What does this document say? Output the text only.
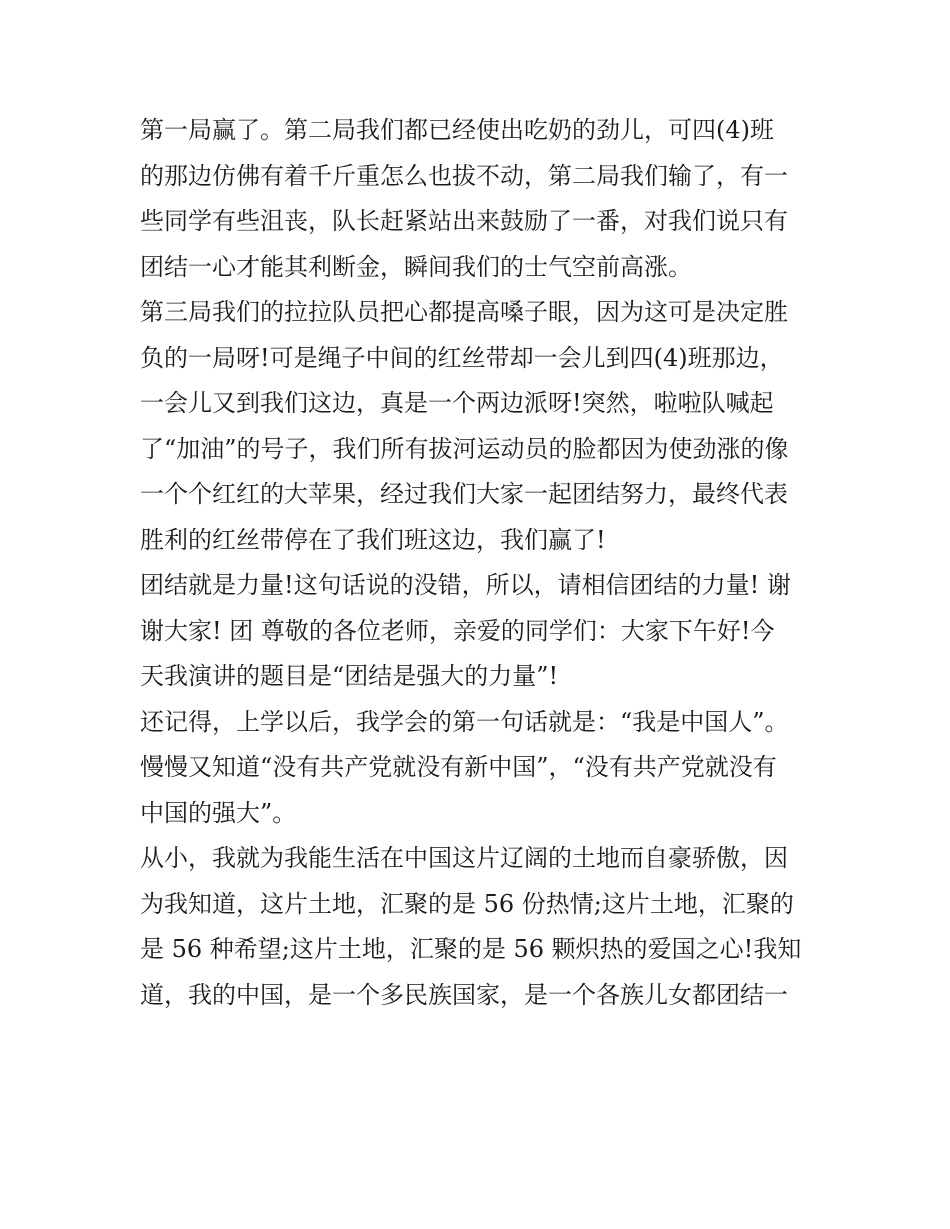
第一局赢了。第二局我们都已经使出吃奶的劲儿，可四(4)班
的那边仿佛有着千斤重怎么也拔不动，第二局我们输了，有一
些同学有些沮丧，队长赶紧站出来鼓励了一番，对我们说只有
团结一心才能其利断金，瞬间我们的士气空前高涨。
第三局我们的拉拉队员把心都提高嗓子眼，因为这可是决定胜
负的一局呀!可是绳子中间的红丝带却一会儿到四(4)班那边，
一会儿又到我们这边，真是一个两边派呀!突然，啦啦队喊起
了“加油”的号子，我们所有拔河运动员的脸都因为使劲涨的像
一个个红红的大苹果，经过我们大家一起团结努力，最终代表
胜利的红丝带停在了我们班这边，我们赢了!
团结就是力量!这句话说的没错，所以，请相信团结的力量! 谢
谢大家! 团 尊敬的各位老师，亲爱的同学们：大家下午好!今
天我演讲的题目是“团结是强大的力量”!
还记得，上学以后，我学会的第一句话就是：“我是中国人”。
慢慢又知道“没有共产党就没有新中国”，“没有共产党就没有
中国的强大”。
从小，我就为我能生活在中国这片辽阔的土地而自豪骄傲，因
为我知道，这片土地，汇聚的是 56 份热情;这片土地，汇聚的
是 56 种希望;这片土地，汇聚的是 56 颗炽热的爱国之心!我知
道，我的中国，是一个多民族国家，是一个各族儿女都团结一
